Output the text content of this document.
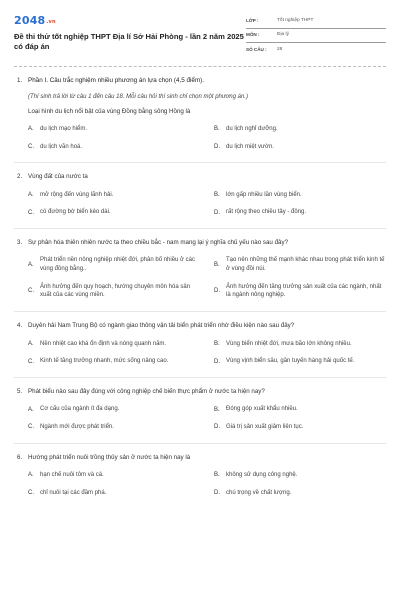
2048.vn
Đề thi thử tốt nghiệp THPT Địa lí Sở Hải Phòng - lần 2 năm 2025 có đáp án
LỚP :	Tốt nghiệp THPT
MÔN :	Địa lý
SỐ CÂU :	28
1. Phần I. Câu trắc nghiệm nhiều phương án lựa chọn (4,5 điểm).
(Thí sinh trả lời từ câu 1 đến câu 18. Mỗi câu hỏi thí sinh chỉ chọn một phương án.)
Loại hình du lịch nổi bật của vùng Đồng bằng sông Hồng là
A.	du lịch mạo hiểm.	B.	du lịch nghỉ dưỡng.
C.	du lịch văn hoá.	D.	du lịch miệt vườn.
2. Vùng đất của nước ta
A.	mở rộng đến vùng lãnh hải.	B.	lớn gấp nhiều lần vùng biển.
C.	có đường bờ biển kéo dài.	D.	rất rộng theo chiều tây - đông.
3. Sự phân hóa thiên nhiên nước ta theo chiều bắc - nam mang lại ý nghĩa chủ yếu nào sau đây?
A.
Phát triển nền nông nghiệp nhiệt đới, phân bố nhiều ở các vùng đồng bằng..
B.
Tạo nên những thế mạnh khác nhau trong phát triển kinh tế ở vùng đồi núi.
C.
Ảnh hưởng đến quy hoạch, hướng chuyên môn hóa sản xuất của các vùng miền.
D.
Ảnh hưởng đến tăng trưởng sản xuất của các ngành, nhất là ngành nông nghiệp.
4. Duyên hải Nam Trung Bộ có ngành giao thông vận tải biển phát triển nhờ điều kiện nào sau đây?
A.	Nền nhiệt cao khá ổn định và nóng quanh năm.	B.	Vùng biển nhiệt đới, mưa bão lớn không nhiều.
C.	Kinh tế tăng trưởng nhanh, mức sống nâng cao.	D.	Vùng vịnh biển sâu, gần tuyến hàng hải quốc tế.
5. Phát biểu nào sau đây đúng với công nghiệp chế biến thực phẩm ở nước ta hiện nay?
A.	Cơ cấu của ngành ít đa dạng.	B.	Đóng góp xuất khẩu nhiều.
C.	Ngành mới được phát triển.	D.	Giá trị sản xuất giảm liên tục.
6. Hướng phát triển nuôi trồng thủy sản ở nước ta hiện nay là
A.	hạn chế nuôi tôm và cá.	B.	không sử dụng công nghệ.
C.	chỉ nuôi tại các đầm phá.	D.	chú trọng về chất lượng.
